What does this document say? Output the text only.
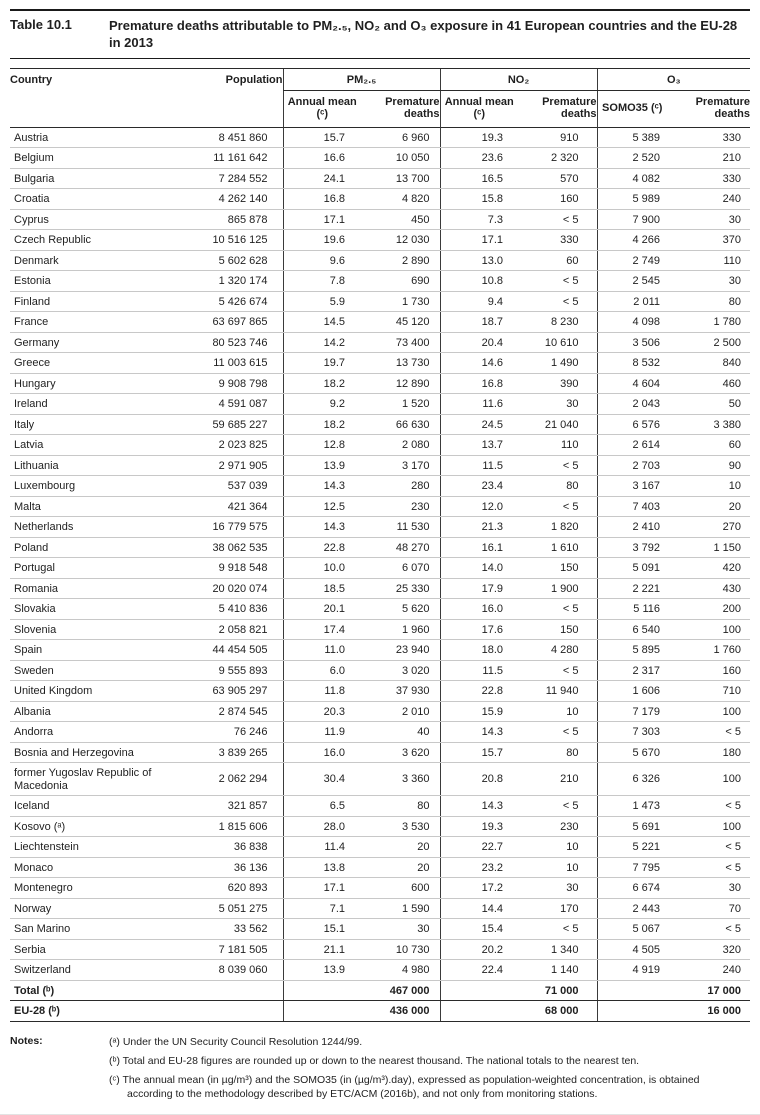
Table 10.1	Premature deaths attributable to PM₂.₅, NO₂ and O₃ exposure in 41 European countries and the EU-28 in 2013
Country	Population	PM₂.₅		NO₂		O₃	
		Annual mean (ᶜ)	Premature deaths	Annual mean (ᶜ)	Premature deaths	SOMO35 (ᶜ)	Premature deaths
Austria	8 451 860	15.7	6 960	19.3	910	5 389	330
Belgium	11 161 642	16.6	10 050	23.6	2 320	2 520	210
Bulgaria	7 284 552	24.1	13 700	16.5	570	4 082	330
Croatia	4 262 140	16.8	4 820	15.8	160	5 989	240
Cyprus	865 878	17.1	450	7.3	< 5	7 900	30
Czech Republic	10 516 125	19.6	12 030	17.1	330	4 266	370
Denmark	5 602 628	9.6	2 890	13.0	60	2 749	110
Estonia	1 320 174	7.8	690	10.8	< 5	2 545	30
Finland	5 426 674	5.9	1 730	9.4	< 5	2 011	80
France	63 697 865	14.5	45 120	18.7	8 230	4 098	1 780
Germany	80 523 746	14.2	73 400	20.4	10 610	3 506	2 500
Greece	11 003 615	19.7	13 730	14.6	1 490	8 532	840
Hungary	9 908 798	18.2	12 890	16.8	390	4 604	460
Ireland	4 591 087	9.2	1 520	11.6	30	2 043	50
Italy	59 685 227	18.2	66 630	24.5	21 040	6 576	3 380
Latvia	2 023 825	12.8	2 080	13.7	110	2 614	60
Lithuania	2 971 905	13.9	3 170	11.5	< 5	2 703	90
Luxembourg	537 039	14.3	280	23.4	80	3 167	10
Malta	421 364	12.5	230	12.0	< 5	7 403	20
Netherlands	16 779 575	14.3	11 530	21.3	1 820	2 410	270
Poland	38 062 535	22.8	48 270	16.1	1 610	3 792	1 150
Portugal	9 918 548	10.0	6 070	14.0	150	5 091	420
Romania	20 020 074	18.5	25 330	17.9	1 900	2 221	430
Slovakia	5 410 836	20.1	5 620	16.0	< 5	5 116	200
Slovenia	2 058 821	17.4	1 960	17.6	150	6 540	100
Spain	44 454 505	11.0	23 940	18.0	4 280	5 895	1 760
Sweden	9 555 893	6.0	3 020	11.5	< 5	2 317	160
United Kingdom	63 905 297	11.8	37 930	22.8	11 940	1 606	710
Albania	2 874 545	20.3	2 010	15.9	10	7 179	100
Andorra	76 246	11.9	40	14.3	< 5	7 303	< 5
Bosnia and Herzegovina	3 839 265	16.0	3 620	15.7	80	5 670	180
former Yugoslav Republic of Macedonia	2 062 294	30.4	3 360	20.8	210	6 326	100
Iceland	321 857	6.5	80	14.3	< 5	1 473	< 5
Kosovo (ᵃ)	1 815 606	28.0	3 530	19.3	230	5 691	100
Liechtenstein	36 838	11.4	20	22.7	10	5 221	< 5
Monaco	36 136	13.8	20	23.2	10	7 795	< 5
Montenegro	620 893	17.1	600	17.2	30	6 674	30
Norway	5 051 275	7.1	1 590	14.4	170	2 443	70
San Marino	33 562	15.1	30	15.4	< 5	5 067	< 5
Serbia	7 181 505	21.1	10 730	20.2	1 340	4 505	320
Switzerland	8 039 060	13.9	4 980	22.4	1 140	4 919	240
Total (ᵇ)			467 000		71 000		17 000
EU-28 (ᵇ)			436 000		68 000		16 000
Notes:	(ᵃ) Under the UN Security Council Resolution 1244/99.
(ᵇ) Total and EU-28 figures are rounded up or down to the nearest thousand. The national totals to the nearest ten.
(ᶜ) The annual mean (in µg/m³) and the SOMO35 (in (µg/m³).day), expressed as population-weighted concentration, is obtained according to the methodology described by ETC/ACM (2016b), and not only from monitoring stations.
